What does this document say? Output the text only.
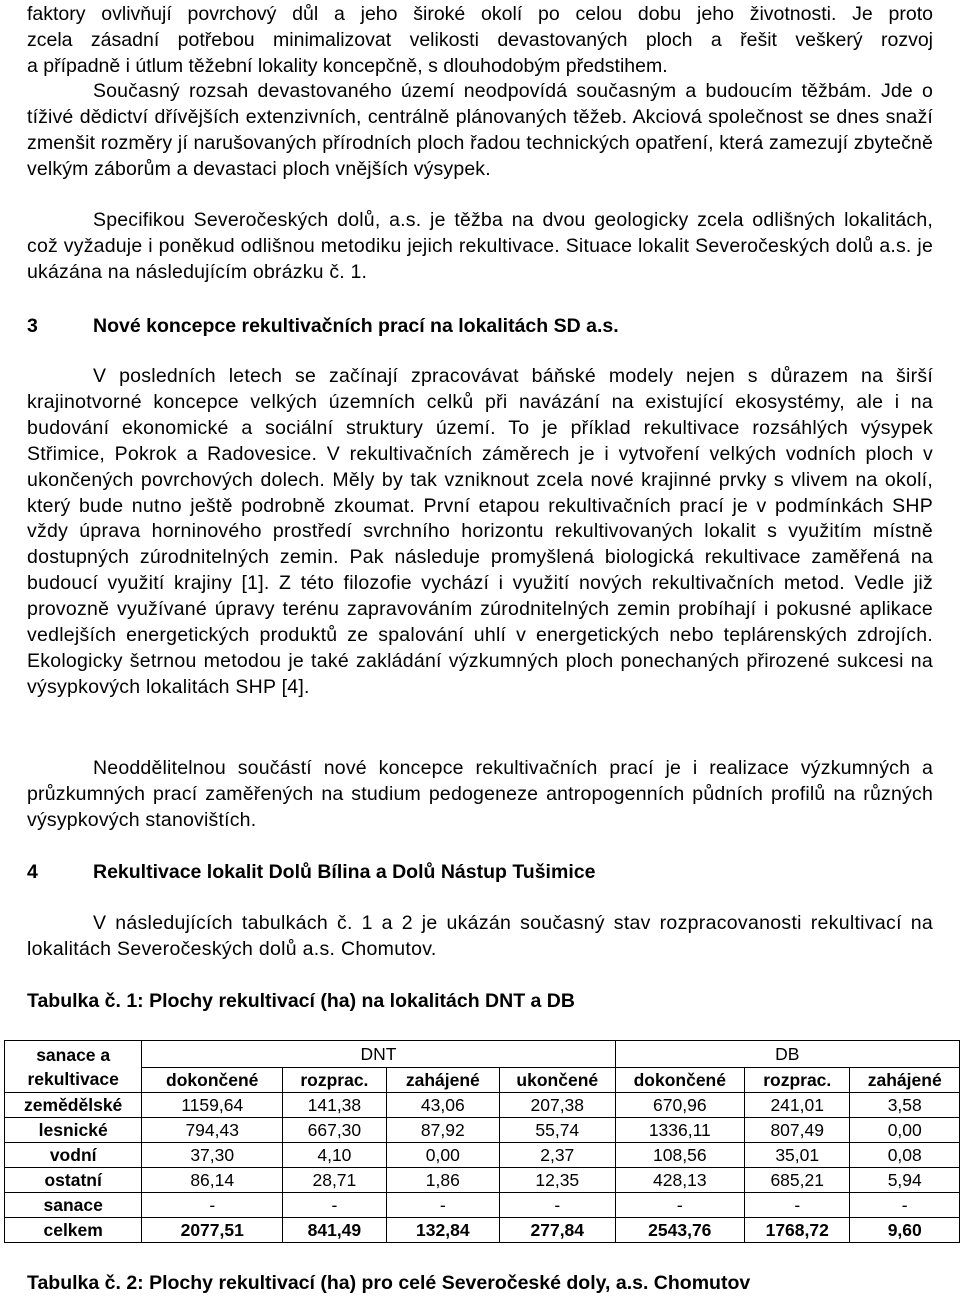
faktory ovlivňují povrchový důl a jeho široké okolí po celou dobu jeho životnosti. Je proto

zcela zásadní potřebou minimalizovat velikosti devastovaných ploch a řešit veškerý rozvoj

a případně i útlum těžební lokality koncepčně, s dlouhodobým předstihem.

Současný rozsah devastovaného území neodpovídá současným a budoucím těžbám. Jde o tíživé dědictví dřívějších extenzivních, centrálně plánovaných těžeb. Akciová společnost se dnes snaží zmenšit rozměry jí narušovaných přírodních ploch řadou technických opatření, která zamezují zbytečně velkým záborům a devastaci ploch vnějších výsypek.

Specifikou Severočeských dolů, a.s. je těžba na dvou geologicky zcela odlišných lokalitách, což vyžaduje i poněkud odlišnou metodiku jejich rekultivace. Situace lokalit Severočeských dolů a.s. je ukázána na následujícím obrázku č. 1.

3	Nové koncepce rekultivačních prací na lokalitách SD a.s.

V posledních letech se začínají zpracovávat báňské modely nejen s důrazem na širší krajinotvorné koncepce velkých územních celků při navázání na existující ekosystémy, ale i na budování ekonomické a sociální struktury území. To je příklad rekultivace rozsáhlých výsypek Střimice, Pokrok a Radovesice. V rekultivačních záměrech je i vytvoření velkých vodních ploch v ukončených povrchových dolech. Měly by tak vzniknout zcela nové krajinné prvky s vlivem na okolí, který bude nutno ještě podrobně zkoumat. První etapou rekultivačních prací je v podmínkách SHP vždy úprava horninového prostředí svrchního horizontu rekultivovaných lokalit s využitím místně dostupných zúrodnitelných zemin. Pak následuje promyšlená biologická rekultivace zaměřená na budoucí využití krajiny [1]. Z této filozofie vychází i využití nových rekultivačních metod. Vedle již provozně využívané úpravy terénu zapravováním zúrodnitelných zemin probíhají i pokusné aplikace vedlejších energetických produktů ze spalování uhlí v energetických nebo teplárenských zdrojích. Ekologicky šetrnou metodou je také zakládání výzkumných ploch ponechaných přirozené sukcesi na výsypkových lokalitách SHP [4].

Neoddělitelnou součástí nové koncepce rekultivačních prací je i realizace výzkumných a průzkumných prací zaměřených na studium pedogeneze antropogenních půdních profilů na různých výsypkových stanovištích.

4	Rekultivace lokalit Dolů Bílina a Dolů Nástup Tušimice

V následujících tabulkách č. 1 a 2 je ukázán současný stav rozpracovanosti rekultivací na lokalitách Severočeských dolů a.s. Chomutov.

Tabulka č. 1: Plochy rekultivací (ha) na lokalitách DNT a DB

Tabulka č. 2: Plochy rekultivací (ha) pro celé Severočeské doly, a.s. Chomutov

sanace a rekultivace	DNT				DB		
	dokončené	rozprac.	zahájené	ukončené	dokončené	rozprac.	zahájené
zemědělské	1159,64	141,38	43,06	207,38	670,96	241,01	3,58
lesnické	794,43	667,30	87,92	55,74	1336,11	807,49	0,00
vodní	37,30	4,10	0,00	2,37	108,56	35,01	0,08
ostatní	86,14	28,71	1,86	12,35	428,13	685,21	5,94
sanace	-	-	-	-	-	-	-
celkem	2077,51	841,49	132,84	277,84	2543,76	1768,72	9,60
